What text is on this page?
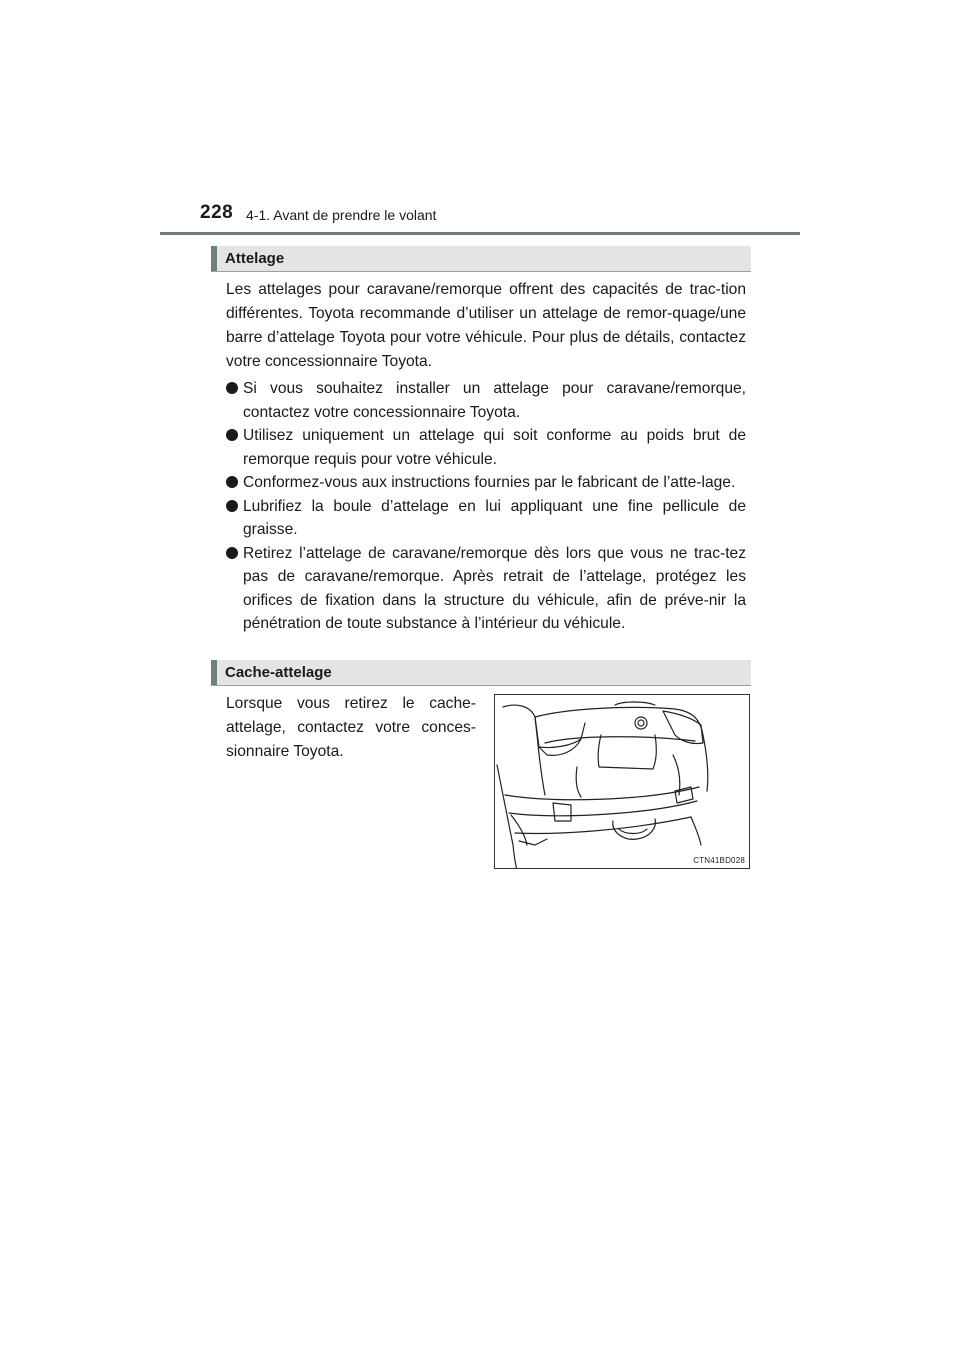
228 4-1. Avant de prendre le volant
Attelage

Les attelages pour caravane/remorque offrent des capacités de trac-tion différentes. Toyota recommande d’utiliser un attelage de remor-quage/une barre d’attelage Toyota pour votre véhicule. Pour plus de détails, contactez votre concessionnaire Toyota.

Si vous souhaitez installer un attelage pour caravane/remorque, contactez votre concessionnaire Toyota.
Utilisez uniquement un attelage qui soit conforme au poids brut de remorque requis pour votre véhicule.
Conformez-vous aux instructions fournies par le fabricant de l’atte-lage.
Lubrifiez la boule d’attelage en lui appliquant une fine pellicule de graisse.
Retirez l’attelage de caravane/remorque dès lors que vous ne trac-tez pas de caravane/remorque. Après retrait de l’attelage, protégez les orifices de fixation dans la structure du véhicule, afin de préve-nir la pénétration de toute substance à l’intérieur du véhicule.
Cache-attelage

Lorsque vous retirez le cache-attelage, contactez votre conces-sionnaire Toyota.

CTN41BD028
